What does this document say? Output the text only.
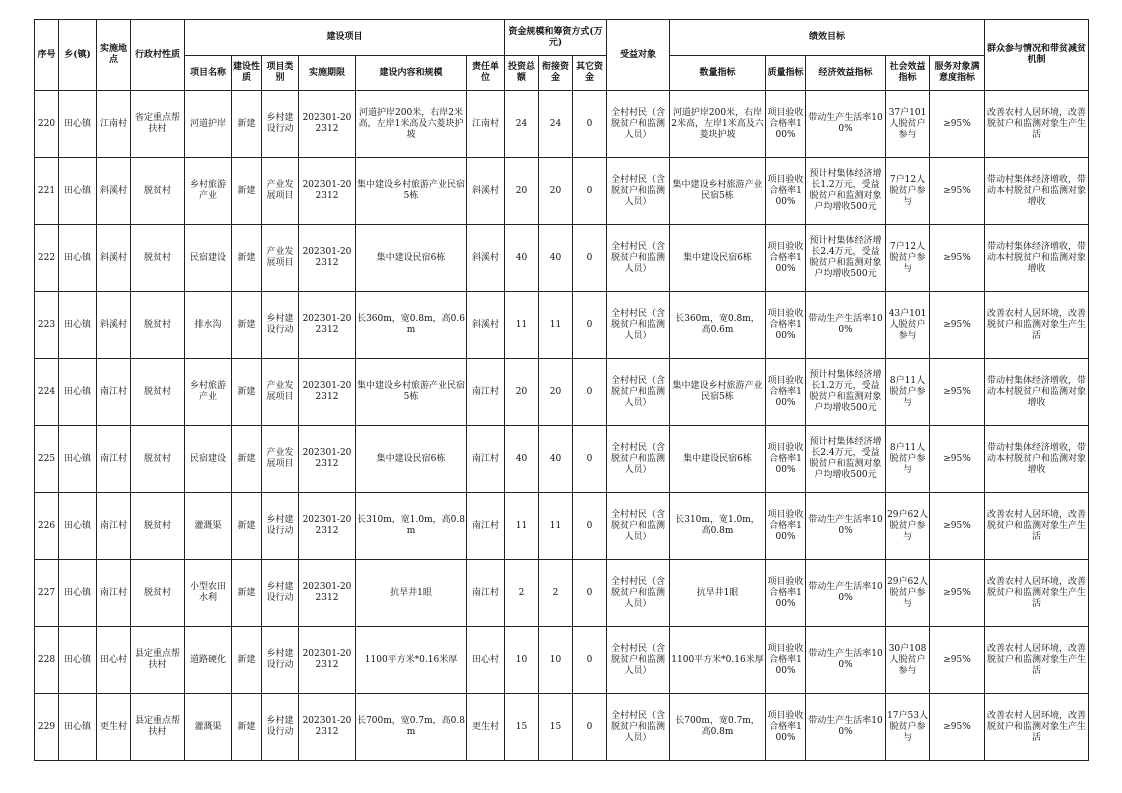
序号	乡(镇)	实施地点	行政村性质	建设项目						资金规模和筹资方式(万元)			受益对象	绩效目标					群众参与情况和带贫减贫机制
				项目名称	建设性质	项目类别	实施期限	建设内容和规模	责任单位	投资总额	衔接资金	其它资金		数量指标	质量指标	经济效益指标	社会效益指标	服务对象满意度指标	
220	田心镇	江南村	省定重点帮扶村	河道护岸	新建	乡村建设行动	202301-202312	河道护岸200米，右岸2米高，左岸1米高及六菱块护坡	江南村	24	24	0	全村村民（含脱贫户和监测人员）	河道护岸200米，右岸2米高，左岸1米高及六菱块护坡	项目验收合格率100%	带动生产生活率100%	37户101人脱贫户参与	≥95%	改善农村人居环境，改善脱贫户和监测对象生产生活
221	田心镇	斜溪村	脱贫村	乡村旅游产业	新建	产业发展项目	202301-202312	集中建设乡村旅游产业民宿5栋	斜溪村	20	20	0	全村村民（含脱贫户和监测人员）	集中建设乡村旅游产业民宿5栋	项目验收合格率100%	预计村集体经济增长1.2万元，受益脱贫户和监测对象户均增收500元	7户12人脱贫户参与	≥95%	带动村集体经济增收，带动本村脱贫户和监测对象增收
222	田心镇	斜溪村	脱贫村	民宿建设	新建	产业发展项目	202301-202312	集中建设民宿6栋	斜溪村	40	40	0	全村村民（含脱贫户和监测人员）	集中建设民宿6栋	项目验收合格率100%	预计村集体经济增长2.4万元，受益脱贫户和监测对象户均增收500元	7户12人脱贫户参与	≥95%	带动村集体经济增收，带动本村脱贫户和监测对象增收
223	田心镇	斜溪村	脱贫村	排水沟	新建	乡村建设行动	202301-202312	长360m，宽0.8m，高0.6m	斜溪村	11	11	0	全村村民（含脱贫户和监测人员）	长360m，宽0.8m，高0.6m	项目验收合格率100%	带动生产生活率100%	43户101人脱贫户参与	≥95%	改善农村人居环境，改善脱贫户和监测对象生产生活
224	田心镇	南江村	脱贫村	乡村旅游产业	新建	产业发展项目	202301-202312	集中建设乡村旅游产业民宿5栋	南江村	20	20	0	全村村民（含脱贫户和监测人员）	集中建设乡村旅游产业民宿5栋	项目验收合格率100%	预计村集体经济增长1.2万元，受益脱贫户和监测对象户均增收500元	8户11人脱贫户参与	≥95%	带动村集体经济增收，带动本村脱贫户和监测对象增收
225	田心镇	南江村	脱贫村	民宿建设	新建	产业发展项目	202301-202312	集中建设民宿6栋	南江村	40	40	0	全村村民（含脱贫户和监测人员）	集中建设民宿6栋	项目验收合格率100%	预计村集体经济增长2.4万元，受益脱贫户和监测对象户均增收500元	8户11人脱贫户参与	≥95%	带动村集体经济增收，带动本村脱贫户和监测对象增收
226	田心镇	南江村	脱贫村	灌溉渠	新建	乡村建设行动	202301-202312	长310m，宽1.0m，高0.8m	南江村	11	11	0	全村村民（含脱贫户和监测人员）	长310m，宽1.0m，高0.8m	项目验收合格率100%	带动生产生活率100%	29户62人脱贫户参与	≥95%	改善农村人居环境，改善脱贫户和监测对象生产生活
227	田心镇	南江村	脱贫村	小型农田水利	新建	乡村建设行动	202301-202312	抗旱井1眼	南江村	2	2	0	全村村民（含脱贫户和监测人员）	抗旱井1眼	项目验收合格率100%	带动生产生活率100%	29户62人脱贫户参与	≥95%	改善农村人居环境，改善脱贫户和监测对象生产生活
228	田心镇	田心村	县定重点帮扶村	道路硬化	新建	乡村建设行动	202301-202312	1100平方米*0.16米厚	田心村	10	10	0	全村村民（含脱贫户和监测人员）	1100平方米*0.16米厚	项目验收合格率100%	带动生产生活率100%	30户108人脱贫户参与	≥95%	改善农村人居环境，改善脱贫户和监测对象生产生活
229	田心镇	更生村	县定重点帮扶村	灌溉渠	新建	乡村建设行动	202301-202312	长700m，宽0.7m，高0.8m	更生村	15	15	0	全村村民（含脱贫户和监测人员）	长700m，宽0.7m，高0.8m	项目验收合格率100%	带动生产生活率100%	17户53人脱贫户参与	≥95%	改善农村人居环境，改善脱贫户和监测对象生产生活
